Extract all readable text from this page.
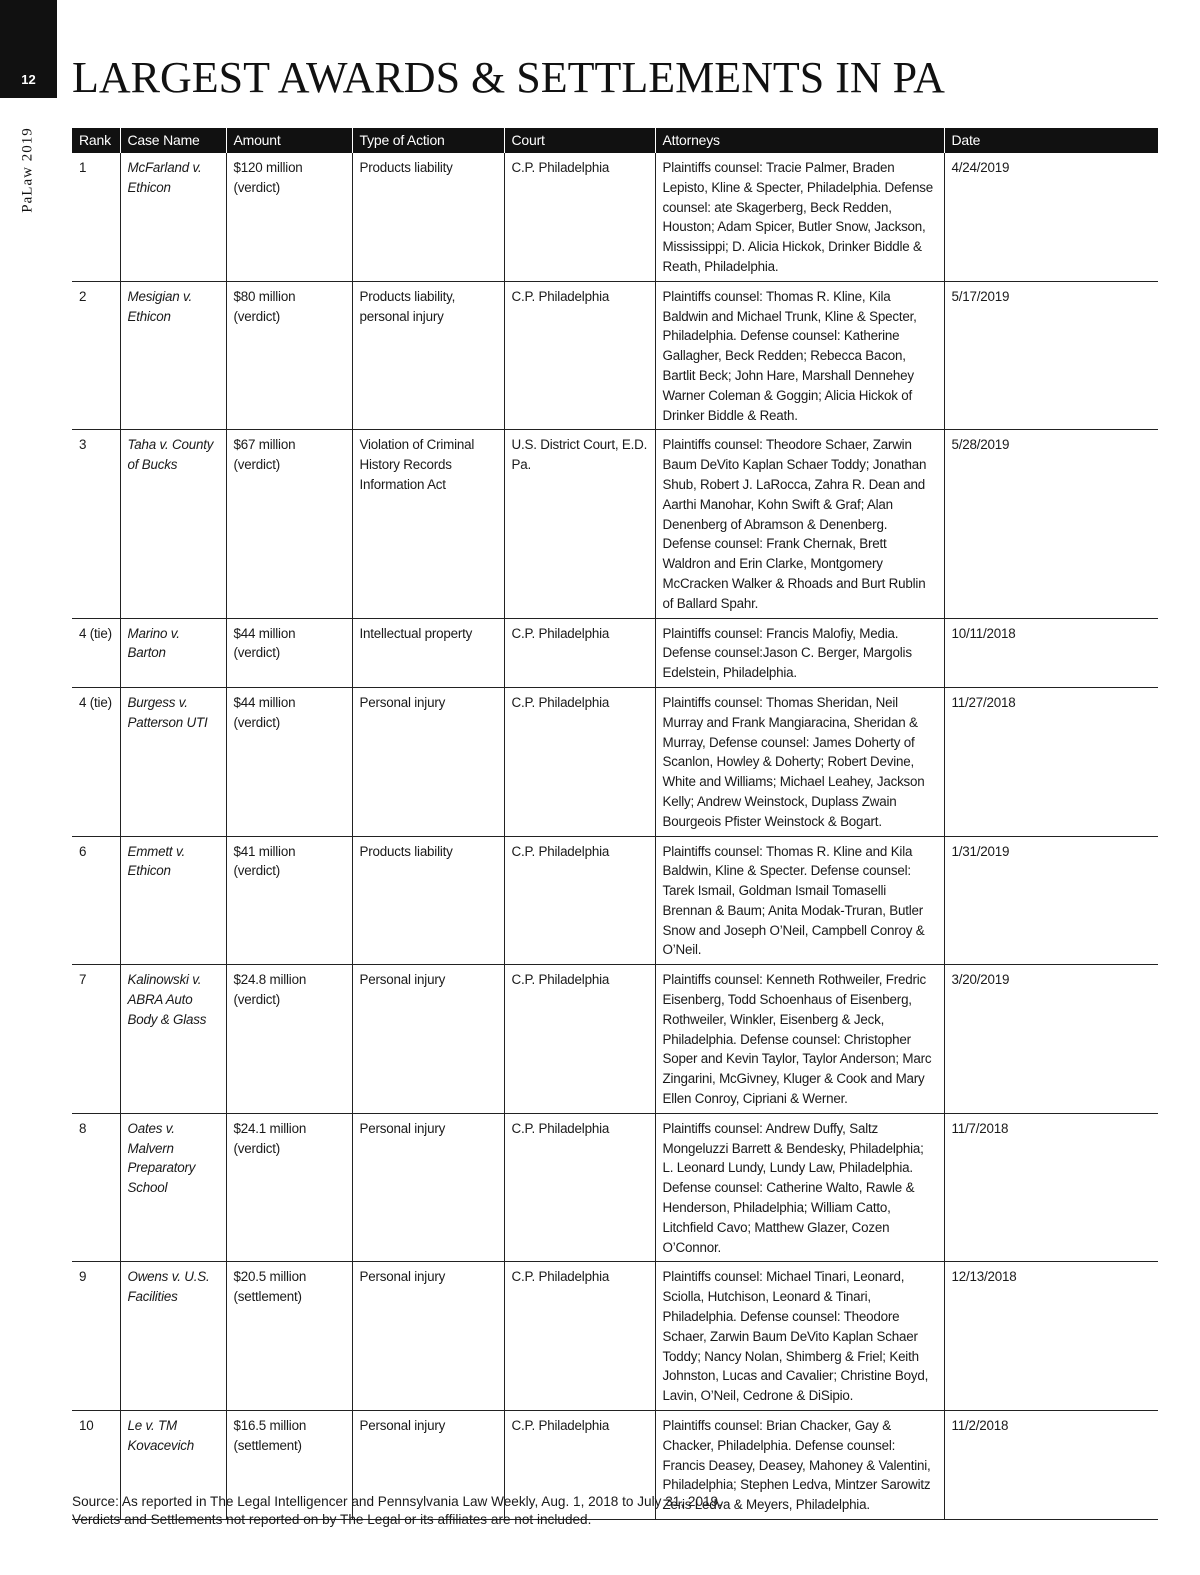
12
PaLaw 2019
LARGEST AWARDS & SETTLEMENTS IN PA
Rank	Case Name	Amount	Type of Action	Court	Attorneys	Date
1	McFarland v. Ethicon	$120 million (verdict)	Products liability	C.P. Philadelphia	Plaintiffs counsel: Tracie Palmer, Braden Lepisto, Kline & Specter, Philadelphia. Defense counsel: ate Skagerberg, Beck Redden, Houston; Adam Spicer, Butler Snow, Jackson, Mississippi; D. Alicia Hickok, Drinker Biddle & Reath, Philadelphia.	4/24/2019
2	Mesigian v. Ethicon	$80 million (verdict)	Products liability, personal injury	C.P. Philadelphia	Plaintiffs counsel: Thomas R. Kline, Kila Baldwin and Michael Trunk, Kline & Specter, Philadelphia. Defense counsel: Katherine Gallagher, Beck Redden; Rebecca Bacon, Bartlit Beck; John Hare, Marshall Dennehey Warner Coleman & Goggin; Alicia Hickok of Drinker Biddle & Reath.	5/17/2019
3	Taha v. County of Bucks	$67 million (verdict)	Violation of Criminal History Records Information Act	U.S. District Court, E.D. Pa.	Plaintiffs counsel: Theodore Schaer, Zarwin Baum DeVito Kaplan Schaer Toddy; Jonathan Shub, Robert J. LaRocca, Zahra R. Dean and Aarthi Manohar, Kohn Swift & Graf; Alan Denenberg of Abramson & Denenberg. Defense counsel: Frank Chernak, Brett Waldron and Erin Clarke, Montgomery McCracken Walker & Rhoads and Burt Rublin of Ballard Spahr.	5/28/2019
4 (tie)	Marino v. Barton	$44 million (verdict)	Intellectual property	C.P. Philadelphia	Plaintiffs counsel: Francis Malofiy, Media. Defense counsel:Jason C. Berger, Margolis Edelstein, Philadelphia.	10/11/2018
4 (tie)	Burgess v. Patterson UTI	$44 million (verdict)	Personal injury	C.P. Philadelphia	Plaintiffs counsel: Thomas Sheridan, Neil Murray and Frank Mangiaracina, Sheridan & Murray, Defense counsel: James Doherty of Scanlon, Howley & Doherty; Robert Devine, White and Williams; Michael Leahey, Jackson Kelly; Andrew Weinstock, Duplass Zwain Bourgeois Pfister Weinstock & Bogart.	11/27/2018
6	Emmett v. Ethicon	$41 million (verdict)	Products liability	C.P. Philadelphia	Plaintiffs counsel: Thomas R. Kline and Kila Baldwin, Kline & Specter. Defense counsel: Tarek Ismail, Goldman Ismail Tomaselli Brennan & Baum; Anita Modak-Truran, Butler Snow and Joseph O’Neil, Campbell Conroy & O’Neil.	1/31/2019
7	Kalinowski v. ABRA Auto Body & Glass	$24.8 million (verdict)	Personal injury	C.P. Philadelphia	Plaintiffs counsel: Kenneth Rothweiler, Fredric Eisenberg, Todd Schoenhaus of Eisenberg, Rothweiler, Winkler, Eisenberg & Jeck, Philadelphia. Defense counsel: Christopher Soper and Kevin Taylor, Taylor Anderson; Marc Zingarini, McGivney, Kluger & Cook and Mary Ellen Conroy, Cipriani & Werner.	3/20/2019
8	Oates v. Malvern Preparatory School	$24.1 million (verdict)	Personal injury	C.P. Philadelphia	Plaintiffs counsel: Andrew Duffy, Saltz Mongeluzzi Barrett & Bendesky, Philadelphia; L. Leonard Lundy, Lundy Law, Philadelphia. Defense counsel: Catherine Walto, Rawle & Henderson, Philadelphia; William Catto, Litchfield Cavo; Matthew Glazer, Cozen O’Connor.	11/7/2018
9	Owens v. U.S. Facilities	$20.5 million (settlement)	Personal injury	C.P. Philadelphia	Plaintiffs counsel: Michael Tinari, Leonard, Sciolla, Hutchison, Leonard & Tinari, Philadelphia. Defense counsel: Theodore Schaer, Zarwin Baum DeVito Kaplan Schaer Toddy; Nancy Nolan, Shimberg & Friel; Keith Johnston, Lucas and Cavalier; Christine Boyd, Lavin, O’Neil, Cedrone & DiSipio.	12/13/2018
10	Le v. TM Kovacevich	$16.5 million (settlement)	Personal injury	C.P. Philadelphia	Plaintiffs counsel: Brian Chacker, Gay & Chacker, Philadelphia. Defense counsel: Francis Deasey, Deasey, Mahoney & Valentini, Philadelphia; Stephen Ledva, Mintzer Sarowitz Zeris Ledva & Meyers, Philadelphia.	11/2/2018
Source: As reported in The Legal Intelligencer and Pennsylvania Law Weekly, Aug. 1, 2018 to July 31, 2019.
Verdicts and Settlements not reported on by The Legal or its affiliates are not included.
